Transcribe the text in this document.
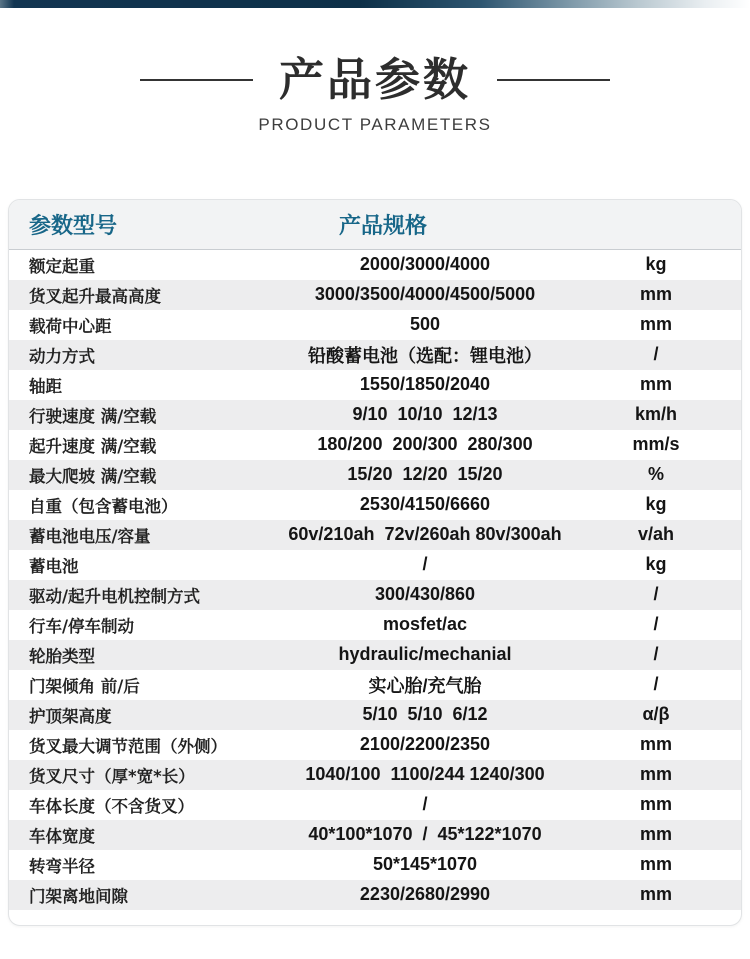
产品参数
PRODUCT PARAMETERS
参数型号	产品规格
额定起重	2000/3000/4000	kg
货叉起升最高高度	3000/3500/4000/4500/5000	mm
载荷中心距	500	mm
动力方式	铅酸蓄电池（选配：锂电池）	/
轴距	1550/1850/2040	mm
行驶速度 满/空载	9/10  10/10  12/13	km/h
起升速度 满/空载	180/200  200/300  280/300	mm/s
最大爬坡 满/空载	15/20  12/20  15/20	%
自重（包含蓄电池）	2530/4150/6660	kg
蓄电池电压/容量	60v/210ah  72v/260ah 80v/300ah	v/ah
蓄电池	/	kg
驱动/起升电机控制方式	300/430/860	/
行车/停车制动	mosfet/ac	/
轮胎类型	hydraulic/mechanial	/
门架倾角 前/后	实心胎/充气胎	/
护顶架高度	5/10  5/10  6/12	α/β
货叉最大调节范围（外侧）	2100/2200/2350	mm
货叉尺寸（厚*宽*长）	1040/100  1100/244 1240/300	mm
车体长度（不含货叉）	/	mm
车体宽度	40*100*1070  /  45*122*1070	mm
转弯半径	50*145*1070	mm
门架离地间隙	2230/2680/2990	mm
